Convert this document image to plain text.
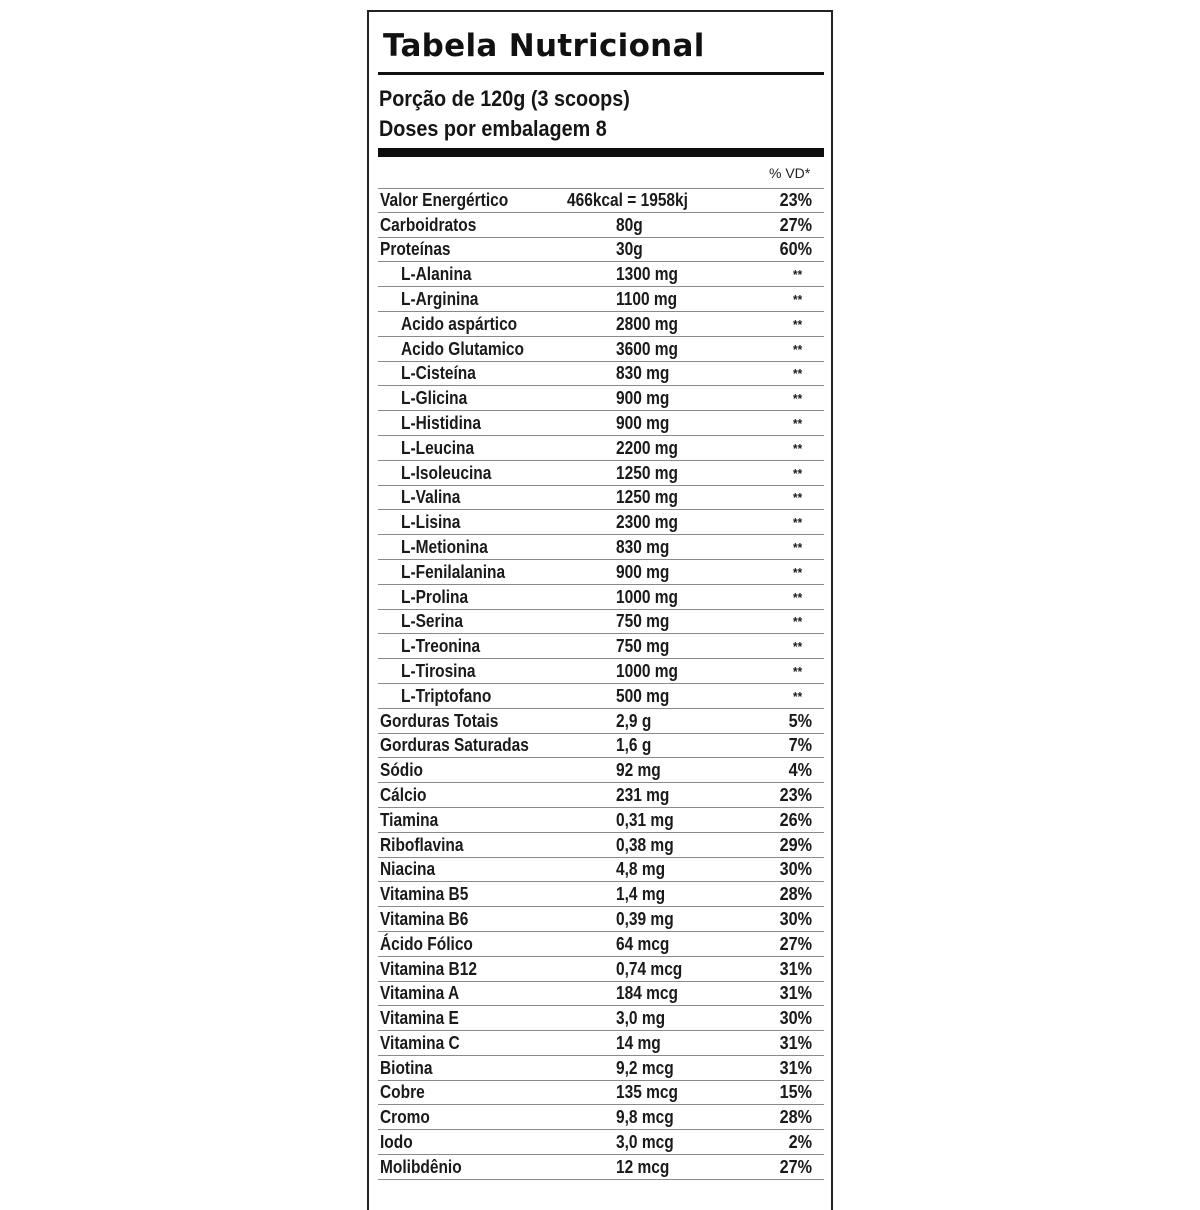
Tabela Nutricional
Porção de 120g (3 scoops)
Doses por embalagem 8
% VD*
Valor Energértico	466kcal = 1958kj	23%
Carboidratos	80g	27%
Proteínas	30g	60%
L-Alanina	1300 mg	**
L-Arginina	1100 mg	**
Acido aspártico	2800 mg	**
Acido Glutamico	3600 mg	**
L-Cisteína	830 mg	**
L-Glicina	900 mg	**
L-Histidina	900 mg	**
L-Leucina	2200 mg	**
L-Isoleucina	1250 mg	**
L-Valina	1250 mg	**
L-Lisina	2300 mg	**
L-Metionina	830 mg	**
L-Fenilalanina	900 mg	**
L-Prolina	1000 mg	**
L-Serina	750 mg	**
L-Treonina	750 mg	**
L-Tirosina	1000 mg	**
L-Triptofano	500 mg	**
Gorduras Totais	2,9 g	5%
Gorduras Saturadas	1,6 g	7%
Sódio	92 mg	4%
Cálcio	231 mg	23%
Tiamina	0,31 mg	26%
Riboflavina	0,38 mg	29%
Niacina	4,8 mg	30%
Vitamina B5	1,4 mg	28%
Vitamina B6	0,39 mg	30%
Ácido Fólico	64 mcg	27%
Vitamina B12	0,74 mcg	31%
Vitamina A	184 mcg	31%
Vitamina E	3,0 mg	30%
Vitamina C	14 mg	31%
Biotina	9,2 mcg	31%
Cobre	135 mcg	15%
Cromo	9,8 mcg	28%
Iodo	3,0 mcg	2%
Molibdênio	12 mcg	27%
